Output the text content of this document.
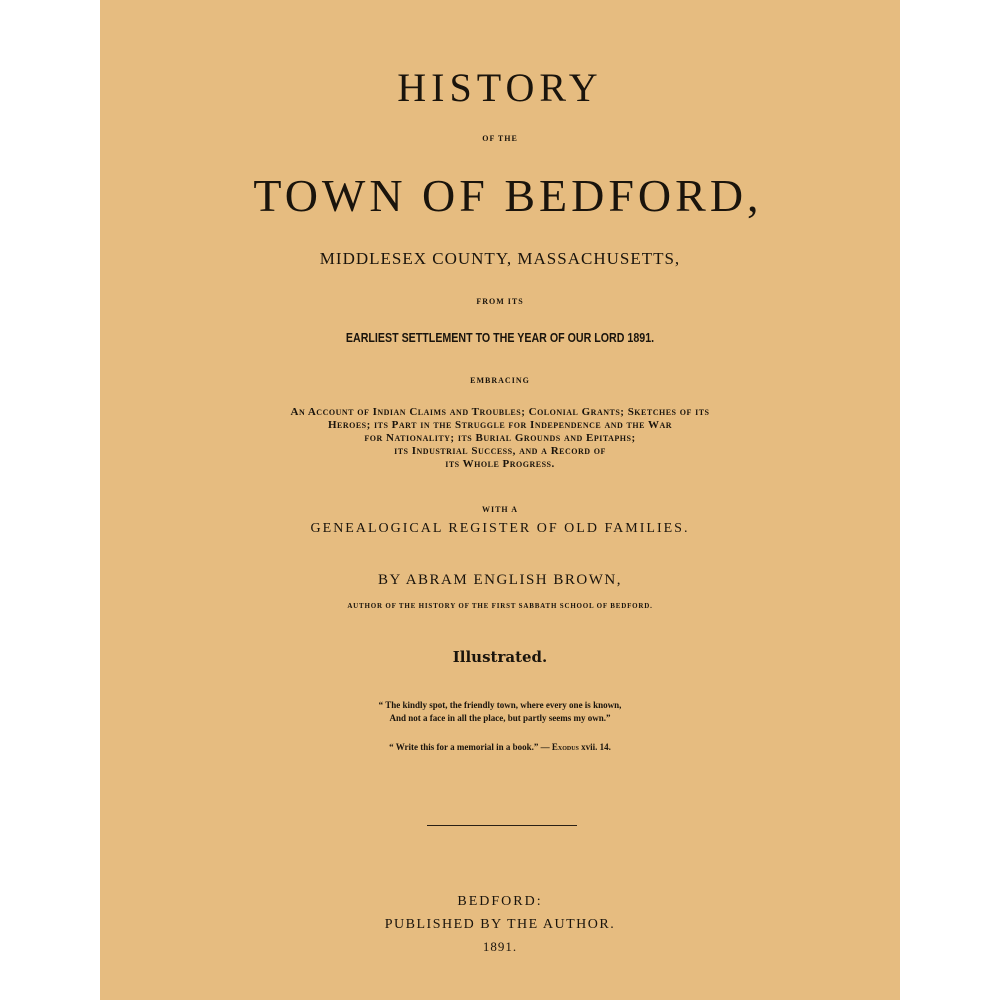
HISTORY
OF THE
TOWN OF BEDFORD,
MIDDLESEX COUNTY, MASSACHUSETTS,
FROM ITS
EARLIEST SETTLEMENT TO THE YEAR OF OUR LORD 1891.
EMBRACING
An Account of Indian Claims and Troubles; Colonial Grants; Sketches of its
Heroes; its Part in the Struggle for Independence and the War
for Nationality; its Burial Grounds and Epitaphs;
its Industrial Success, and a Record of
its Whole Progress.
WITH A
GENEALOGICAL REGISTER OF OLD FAMILIES.
BY ABRAM ENGLISH BROWN,
AUTHOR OF THE HISTORY OF THE FIRST SABBATH SCHOOL OF BEDFORD.
Illustrated.
“ The kindly spot, the friendly town, where every one is known,
And not a face in all the place, but partly seems my own.”
“ Write this for a memorial in a book.” — Exodus xvii. 14.
BEDFORD:
PUBLISHED BY THE AUTHOR.
1891.
